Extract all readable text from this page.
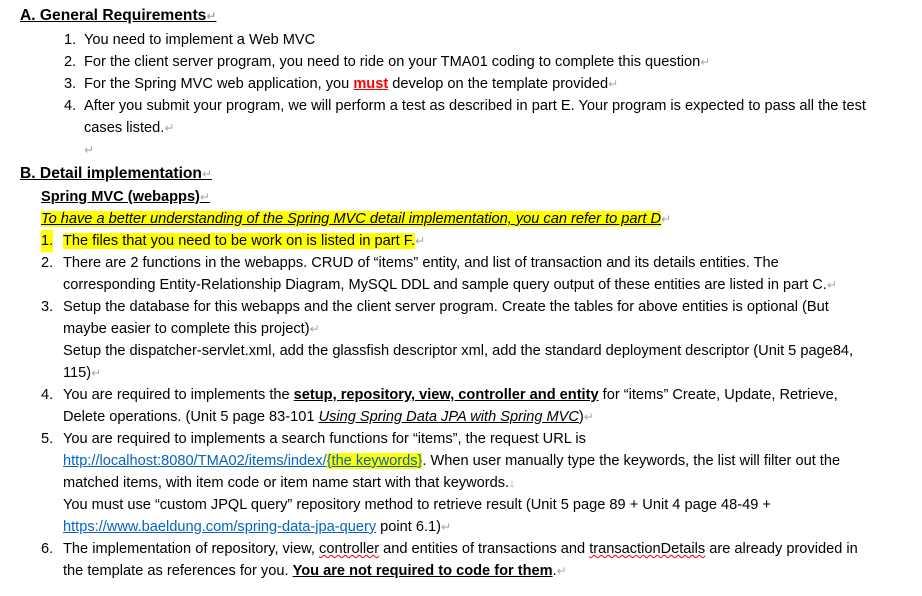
A. General Requirements↵
1. You need to implement a Web MVC
2. For the client server program, you need to ride on your TMA01 coding to complete this question↵
3. For the Spring MVC web application, you must develop on the template provided↵
4. After you submit your program, we will perform a test as described in part E. Your program is expected to pass all the test
cases listed.↵
↵
B. Detail implementation↵
Spring MVC (webapps)↵
To have a better understanding of the Spring MVC detail implementation, you can refer to part D↵
1. The files that you need to be work on is listed in part F.↵
2. There are 2 functions in the webapps. CRUD of “items” entity, and list of transaction and its details entities. The
corresponding Entity-Relationship Diagram, MySQL DDL and sample query output of these entities are listed in part C.↵
3. Setup the database for this webapps and the client server program. Create the tables for above entities is optional (But
maybe easier to complete this project)↵
Setup the dispatcher-servlet.xml, add the glassfish descriptor xml, add the standard deployment descriptor (Unit 5 page84,
115)↵
4. You are required to implements the setup, repository, view, controller and entity for “items” Create, Update, Retrieve,
Delete operations. (Unit 5 page 83-101 Using Spring Data JPA with Spring MVC)↵
5. You are required to implements a search functions for “items”, the request URL is
http://localhost:8080/TMA02/items/index/{the keywords}. When user manually type the keywords, the list will filter out the
matched items, with item code or item name start with that keywords.↓
You must use “custom JPQL query” repository method to retrieve result (Unit 5 page 89 + Unit 4 page 48-49 +
https://www.baeldung.com/spring-data-jpa-query point 6.1)↵
6. The implementation of repository, view, controller and entities of transactions and transactionDetails are already provided in
the template as references for you. You are not required to code for them.↵
